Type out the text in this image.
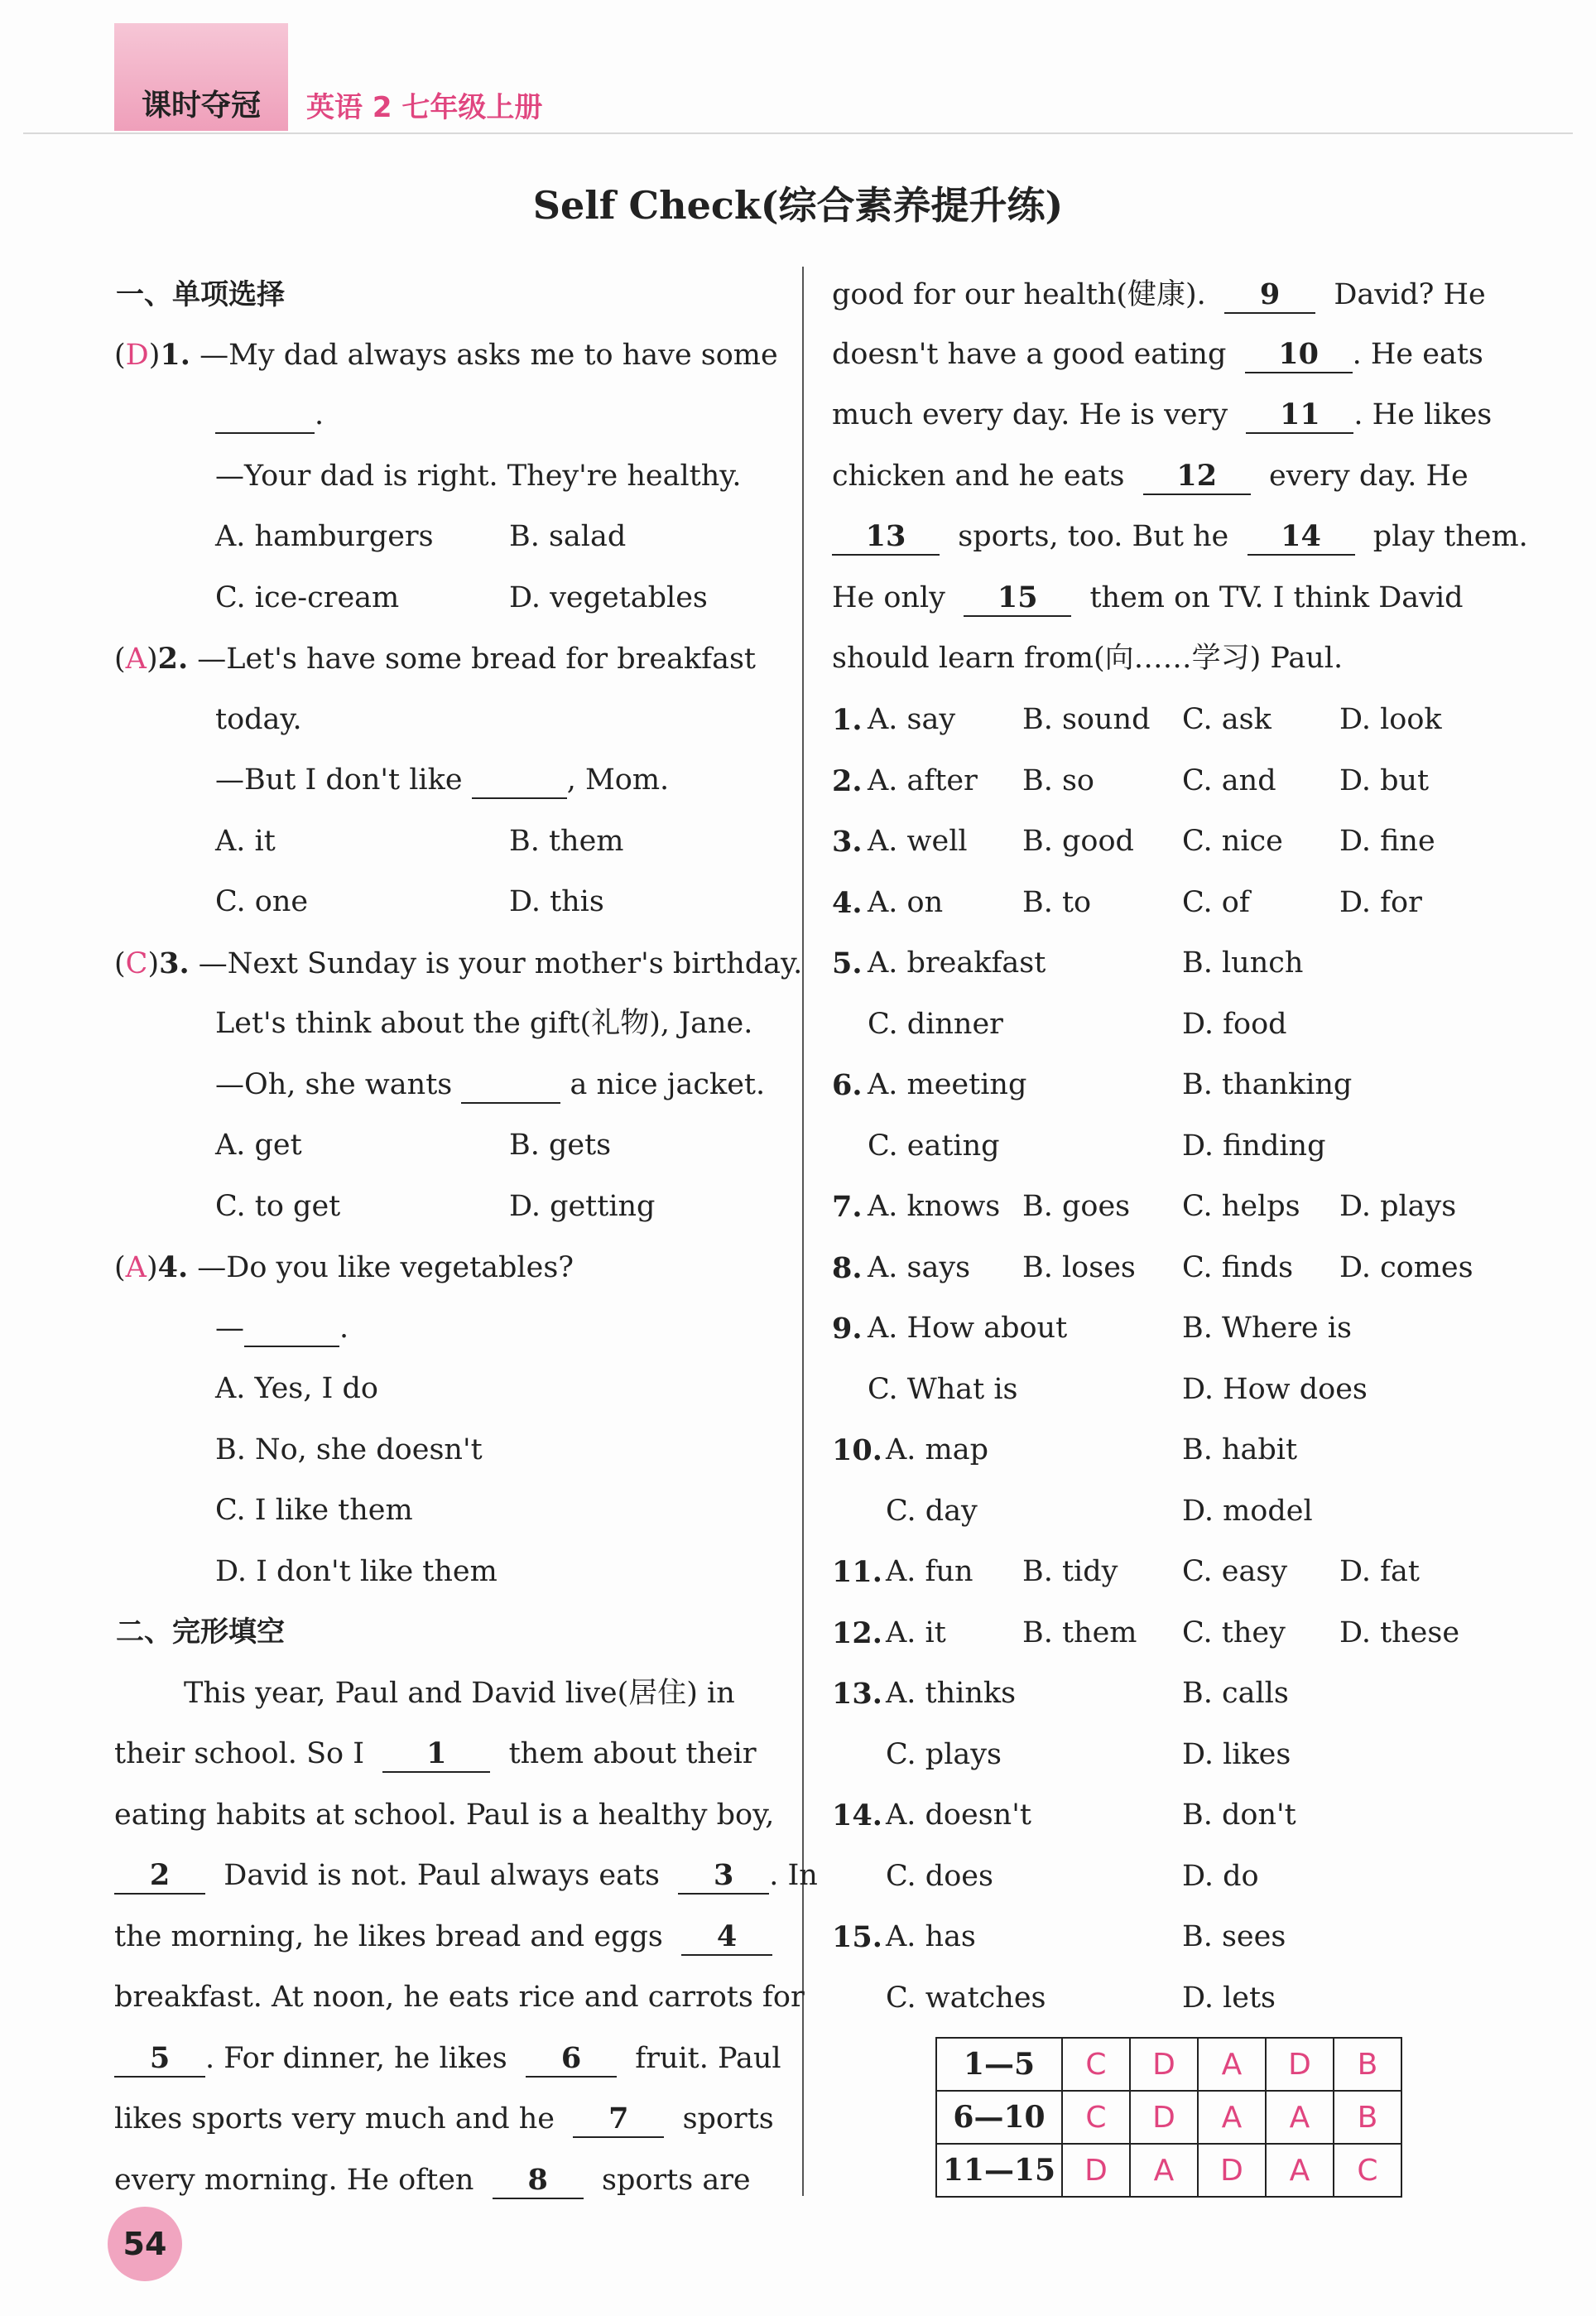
课时夺冠 英语 2 七年级上册
Self Check(综合素养提升练)
一、单项选择
(D)1. —My dad always asks me to have some
.
—Your dad is right. They're healthy.
A. hamburgers	B. salad
C. ice-cream	D. vegetables
(A)2. —Let's have some bread for breakfast
today.
—But I don't like	, Mom.
A. it	B. them
C. one	D. this
(C)3. —Next Sunday is your mother's birthday.
Let's think about the gift(礼物), Jane.
—Oh, she wants	a nice jacket.
A. get	B. gets
C. to get	D. getting
(A)4. —Do you like vegetables?
—	.
A. Yes, I do
B. No, she doesn't
C. I like them
D. I don't like them
二、完形填空
This year, Paul and David live(居住) in
their school. So I 1 them about their
eating habits at school. Paul is a healthy boy,
2 David is not. Paul always eats 3 . In
the morning, he likes bread and eggs 4
breakfast. At noon, he eats rice and carrots for
5 . For dinner, he likes 6 fruit. Paul
likes sports very much and he 7 sports
every morning. He often 8 sports are
good for our health(健康). 9 David? He
doesn't have a good eating 10 . He eats
much every day. He is very 11 . He likes
chicken and he eats 12 every day. He
13 sports, too. But he 14 play them.
He only 15 them on TV. I think David
should learn from(向……学习) Paul.
1. A. say B. sound C. ask D. look
2. A. after B. so	C. and D. but
3. A. well B. good C. nice D. fine
4. A. on	B. to	C. of	D. for
5. A. breakfast	B. lunch
C. dinner	D. food
6. A. meeting	B. thanking
C. eating	D. finding
7. A. knows B. goes C. helps D. plays
8. A. says B. loses C. finds D. comes
9. A. How about	B. Where is
C. What is	D. How does
10. A. map	B. habit
C. day	D. model
11. A. fun B. tidy C. easy D. fat
12. A. it	B. them C. they D. these
13. A. thinks	B. calls
C. plays	D. likes
14. A. doesn't	B. don't
C. does	D. do
15. A. has	B. sees
C. watches	D. lets
1—5	C	D	A	D	B
6—10	C	D	A	A	B
11—15	D	A	D	A	C
54
